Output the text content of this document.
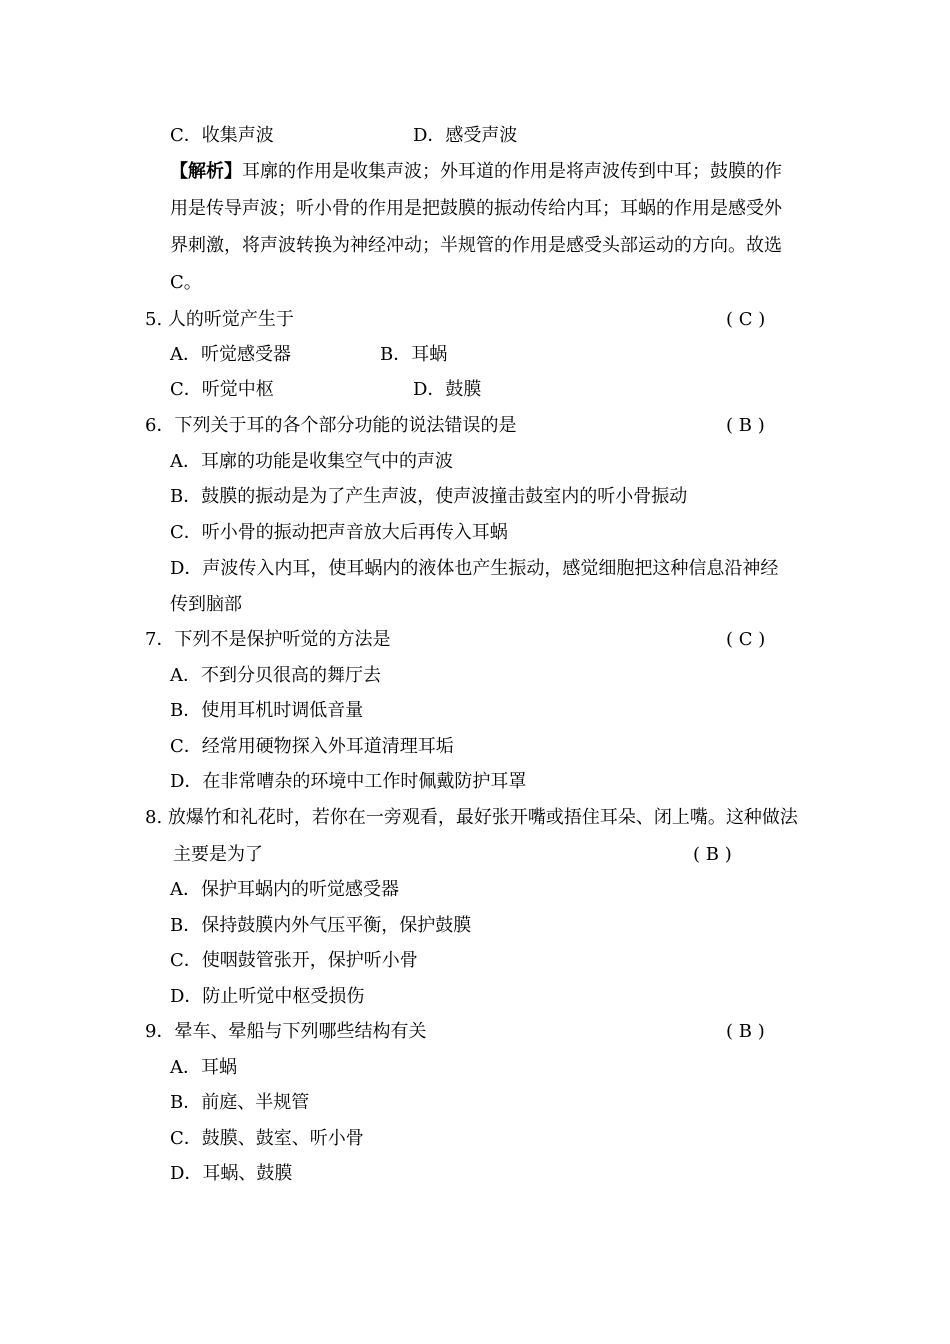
C．收集声波	D．感受声波
【解析】耳廓的作用是收集声波；外耳道的作用是将声波传到中耳；鼓膜的作
用是传导声波；听小骨的作用是把鼓膜的振动传给内耳；耳蜗的作用是感受外
界刺激，将声波转换为神经冲动；半规管的作用是感受头部运动的方向。故选
C。
5. 人的听觉产生于	( C )
A．听觉感受器	B．耳蜗
C．听觉中枢	D．鼓膜
6．下列关于耳的各个部分功能的说法错误的是	( B )
A．耳廓的功能是收集空气中的声波
B．鼓膜的振动是为了产生声波，使声波撞击鼓室内的听小骨振动
C．听小骨的振动把声音放大后再传入耳蜗
D．声波传入内耳，使耳蜗内的液体也产生振动，感觉细胞把这种信息沿神经
传到脑部
7．下列不是保护听觉的方法是	( C )
A．不到分贝很高的舞厅去
B．使用耳机时调低音量
C．经常用硬物探入外耳道清理耳垢
D．在非常嘈杂的环境中工作时佩戴防护耳罩
8. 放爆竹和礼花时，若你在一旁观看，最好张开嘴或捂住耳朵、闭上嘴。这种做法
主要是为了	( B )
A．保护耳蜗内的听觉感受器
B．保持鼓膜内外气压平衡，保护鼓膜
C．使咽鼓管张开，保护听小骨
D．防止听觉中枢受损伤
9．晕车、晕船与下列哪些结构有关	( B )
A．耳蜗
B．前庭、半规管
C．鼓膜、鼓室、听小骨
D．耳蜗、鼓膜
